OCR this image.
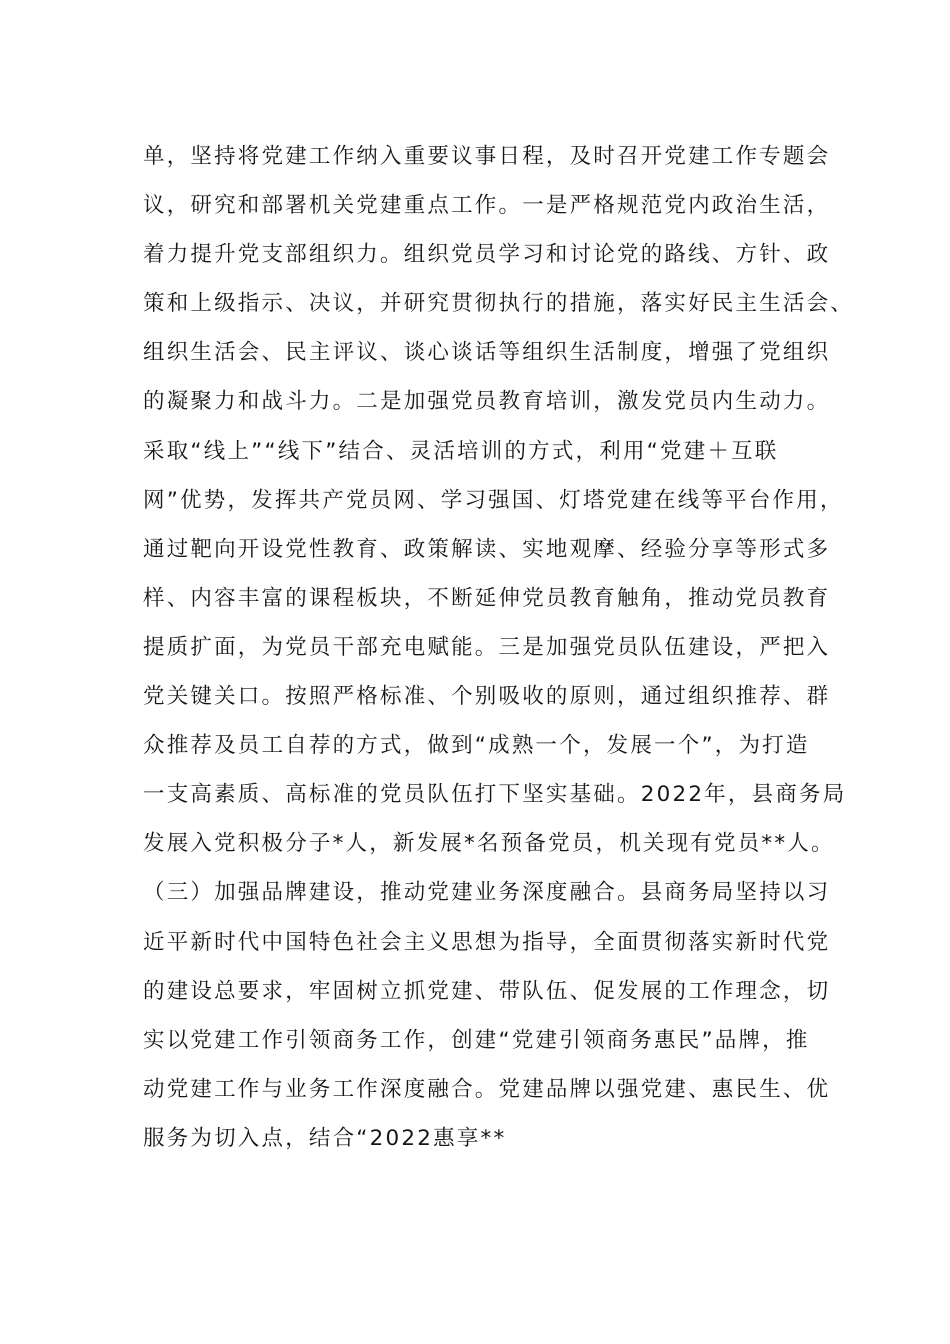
单，坚持将党建工作纳入重要议事日程，及时召开党建工作专题会
议，研究和部署机关党建重点工作。一是严格规范党内政治生活，
着力提升党支部组织力。组织党员学习和讨论党的路线、方针、政
策和上级指示、决议，并研究贯彻执行的措施，落实好民主生活会、
组织生活会、民主评议、谈心谈话等组织生活制度，增强了党组织
的凝聚力和战斗力。二是加强党员教育培训，激发党员内生动力。
采取“线上”“线下”结合、灵活培训的方式，利用“党建＋互联
网”优势，发挥共产党员网、学习强国、灯塔党建在线等平台作用，
通过靶向开设党性教育、政策解读、实地观摩、经验分享等形式多
样、内容丰富的课程板块，不断延伸党员教育触角，推动党员教育
提质扩面，为党员干部充电赋能。三是加强党员队伍建设，严把入
党关键关口。按照严格标准、个别吸收的原则，通过组织推荐、群
众推荐及员工自荐的方式，做到“成熟一个，发展一个”，为打造
一支高素质、高标准的党员队伍打下坚实基础。2022年，县商务局
发展入党积极分子*人，新发展*名预备党员，机关现有党员**人。
（三）加强品牌建设，推动党建业务深度融合。县商务局坚持以习
近平新时代中国特色社会主义思想为指导，全面贯彻落实新时代党
的建设总要求，牢固树立抓党建、带队伍、促发展的工作理念，切
实以党建工作引领商务工作，创建“党建引领商务惠民”品牌，推
动党建工作与业务工作深度融合。党建品牌以强党建、惠民生、优
服务为切入点，结合“2022惠享**
